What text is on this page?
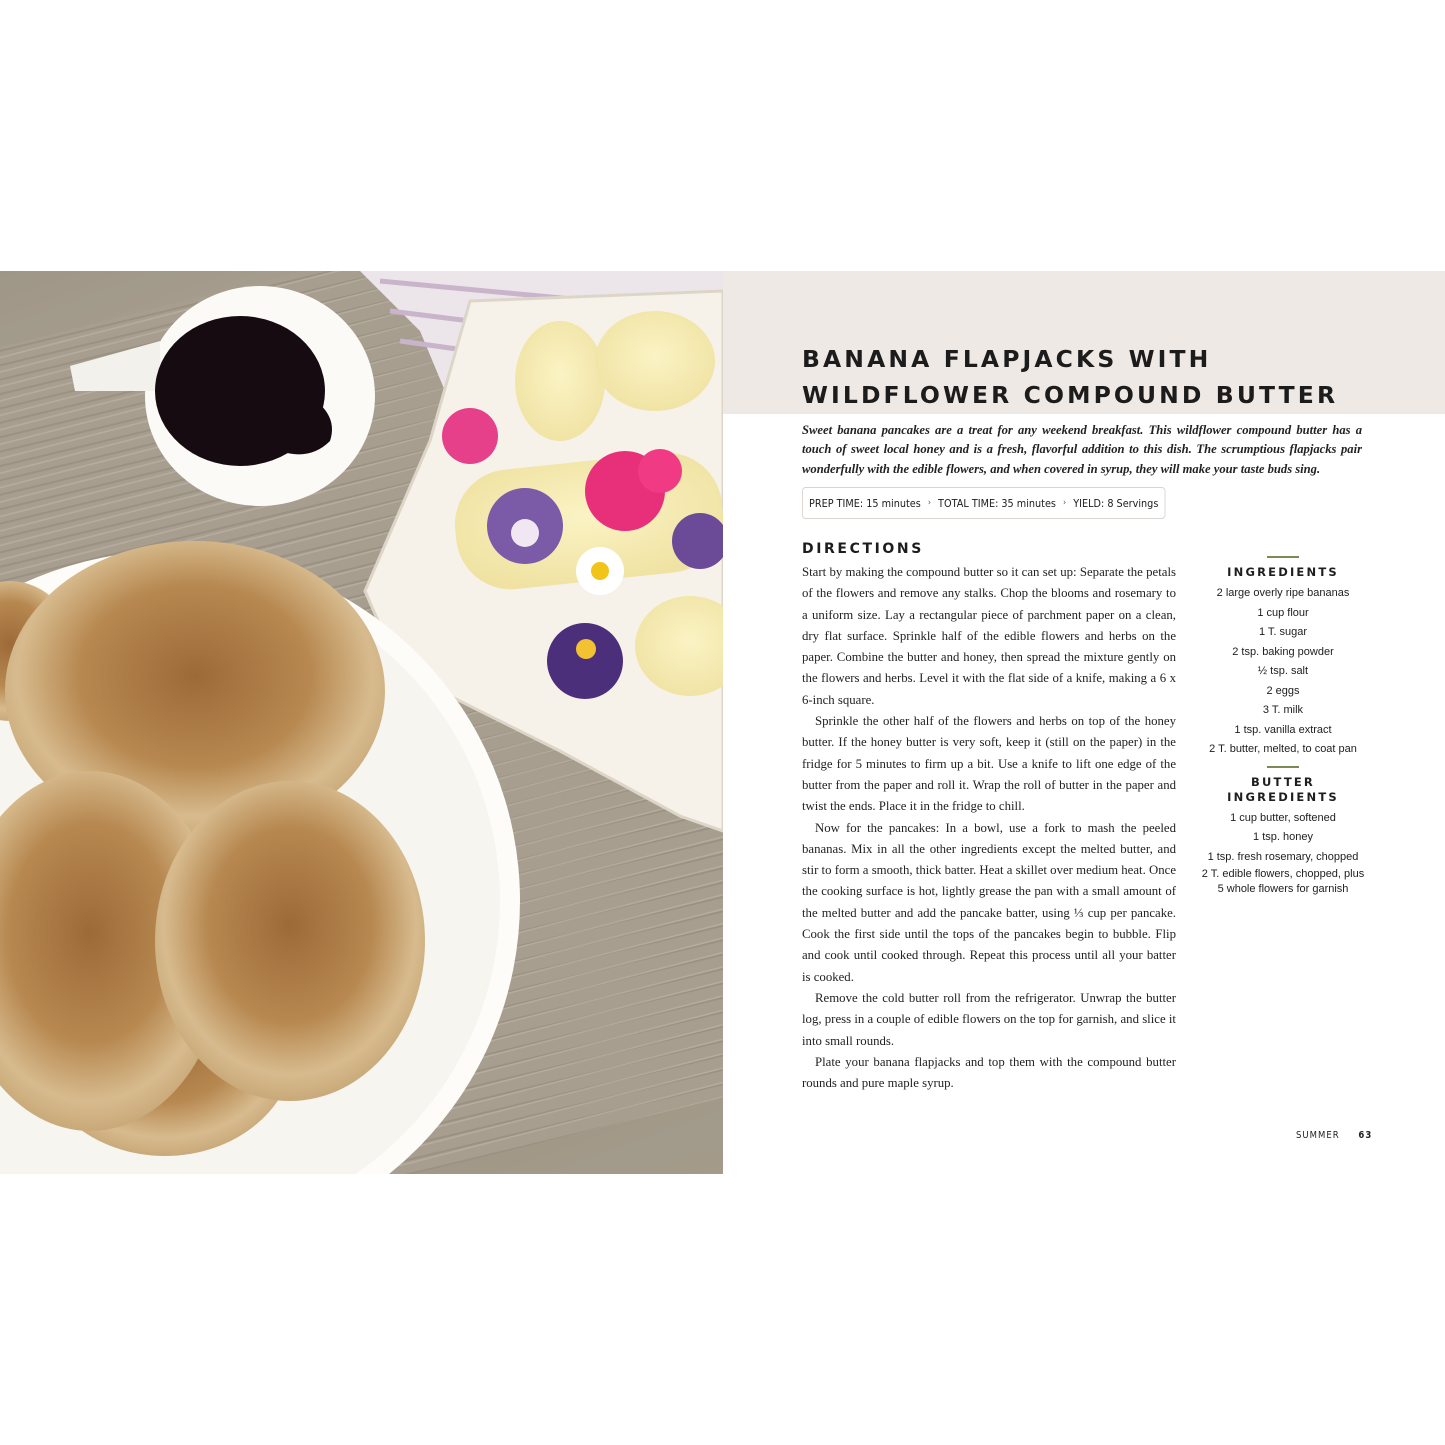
BANANA FLAPJACKS WITH
WILDFLOWER COMPOUND BUTTER

Sweet banana pancakes are a treat for any weekend breakfast. This wildflower compound butter has a touch of sweet local honey and is a fresh, flavorful addition to this dish. The scrumptious flapjacks pair wonderfully with the edible flowers, and when covered in syrup, they will make your taste buds sing.

PREP TIME: 15 minutes › TOTAL TIME: 35 minutes › YIELD: 8 Servings
DIRECTIONS

Start by making the compound butter so it can set up: Separate the petals of the flowers and remove any stalks. Chop the blooms and rosemary to a uniform size. Lay a rectangular piece of parchment paper on a clean, dry flat surface. Sprinkle half of the edible flowers and herbs on the paper. Combine the butter and honey, then spread the mixture gently on the flowers and herbs. Level it with the flat side of a knife, making a 6 x 6-inch square.

Sprinkle the other half of the flowers and herbs on top of the honey butter. If the honey butter is very soft, keep it (still on the paper) in the fridge for 5 minutes to firm up a bit. Use a knife to lift one edge of the butter from the paper and roll it. Wrap the roll of butter in the paper and twist the ends. Place it in the fridge to chill.

Now for the pancakes: In a bowl, use a fork to mash the peeled bananas. Mix in all the other ingredients except the melted butter, and stir to form a smooth, thick batter. Heat a skillet over medium heat. Once the cooking surface is hot, lightly grease the pan with a small amount of the melted butter and add the pancake batter, using ⅓ cup per pancake. Cook the first side until the tops of the pancakes begin to bubble. Flip and cook until cooked through. Repeat this process until all your batter is cooked.

Remove the cold butter roll from the refrigerator. Unwrap the butter log, press in a couple of edible flowers on the top for garnish, and slice it into small rounds.

Plate your banana flapjacks and top them with the compound butter rounds and pure maple syrup.

INGREDIENTS
2 large overly ripe bananas
1 cup flour
1 T. sugar
2 tsp. baking powder
½ tsp. salt
2 eggs
3 T. milk
1 tsp. vanilla extract
2 T. butter, melted, to coat pan
BUTTER
INGREDIENTS
1 cup butter, softened
1 tsp. honey
1 tsp. fresh rosemary, chopped
2 T. edible flowers, chopped, plus
5 whole flowers for garnish
SUMMER 63
